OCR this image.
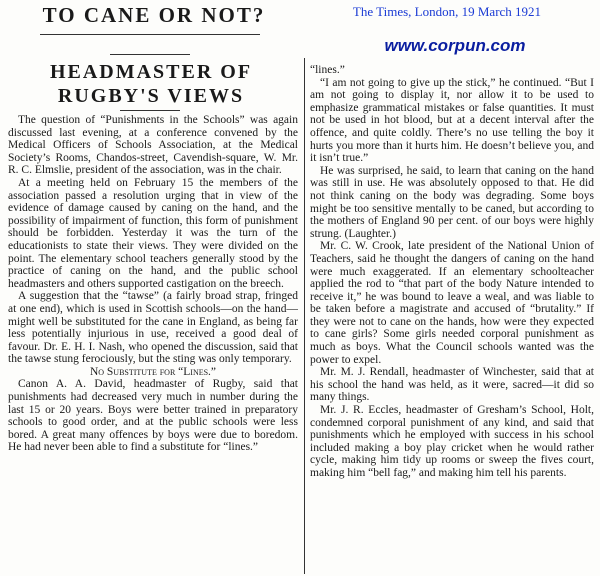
TO CANE OR NOT?	The Times, London, 19 March 1921
www.corpun.com
HEADMASTER OF
RUGBY'S VIEWS

The question of “Punishments in the Schools” was again discussed last evening, at a conference convened by the Medical Officers of Schools Association, at the Medical Society’s Rooms, Chandos-street, Cavendish-square, W. Mr. R. C. Elmslie, president of the association, was in the chair.

At a meeting held on February 15 the members of the association passed a resolution urging that in view of the evidence of damage caused by caning on the hand, and the possibility of impairment of function, this form of punishment should be forbidden. Yesterday it was the turn of the educationists to state their views. They were divided on the point. The elementary school teachers generally stood by the practice of caning on the hand, and the public school headmasters and others supported castigation on the breech.

A suggestion that the “tawse” (a fairly broad strap, fringed at one end), which is used in Scottish schools—on the hand—might well be substituted for the cane in England, as being far less potentially injurious in use, received a good deal of favour. Dr. E. H. I. Nash, who opened the discussion, said that the tawse stung ferociously, but the sting was only temporary.

No Substitute for “Lines.”

Canon A. A. David, headmaster of Rugby, said that punishments had decreased very much in number during the last 15 or 20 years. Boys were better trained in preparatory schools to good order, and at the public schools were less bored. A great many offences by boys were due to boredom. He had never been able to find a substitute for “lines.”

“lines.”

“I am not going to give up the stick,” he continued. “But I am not going to display it, nor allow it to be used to emphasize grammatical mistakes or false quantities. It must not be used in hot blood, but at a decent interval after the offence, and quite coldly. There’s no use telling the boy it hurts you more than it hurts him. He doesn’t believe you, and it isn’t true.”

He was surprised, he said, to learn that caning on the hand was still in use. He was absolutely opposed to that. He did not think caning on the body was degrading. Some boys might be too sensitive mentally to be caned, but according to the mothers of England 90 per cent. of our boys were highly strung. (Laughter.)

Mr. C. W. Crook, late president of the National Union of Teachers, said he thought the dangers of caning on the hand were much exaggerated. If an elementary schoolteacher applied the rod to “that part of the body Nature intended to receive it,” he was bound to leave a weal, and was liable to be taken before a magistrate and accused of “brutality.” If they were not to cane on the hands, how were they expected to cane girls? Some girls needed corporal punishment as much as boys. What the Council schools wanted was the power to expel.

Mr. M. J. Rendall, headmaster of Winchester, said that at his school the hand was held, as it were, sacred—it did so many things.

Mr. J. R. Eccles, headmaster of Gresham’s School, Holt, condemned corporal punishment of any kind, and said that punishments which he employed with success in his school included making a boy play cricket when he would rather cycle, making him tidy up rooms or sweep the fives court, making him “bell fag,” and making him tell his parents.
